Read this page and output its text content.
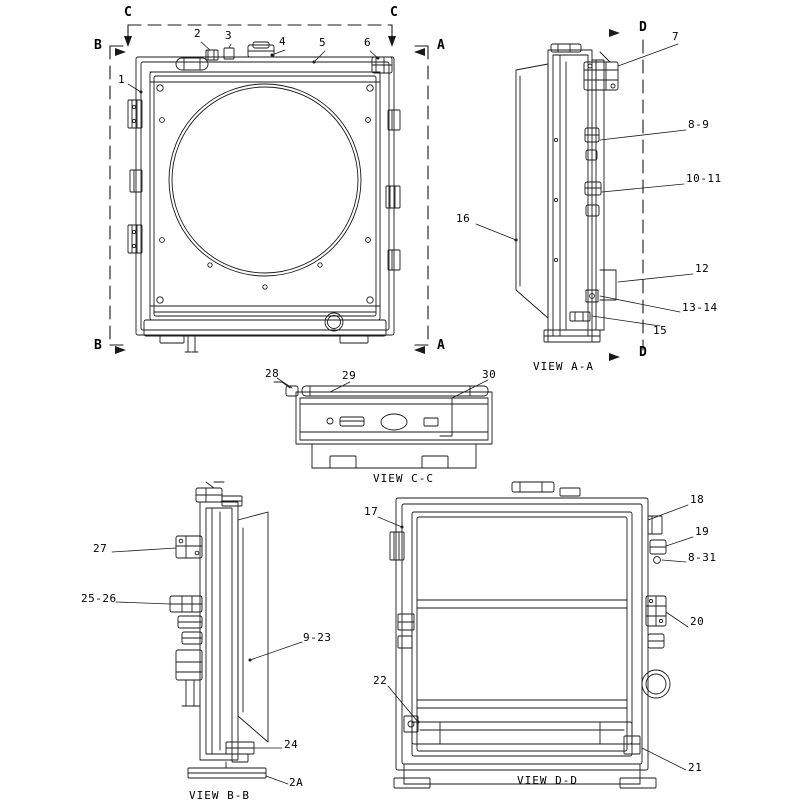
C	C
B	A
B	A
D
D
VIEW A-A
VIEW C-C
VIEW B-B
VIEW D-D
1
2 3	4	5	6	7
8-9
10-11
16
12
13-14
15
28	29	30
17
18
19
8-31
20
27
25-26
9-23
22
21
24
2A
